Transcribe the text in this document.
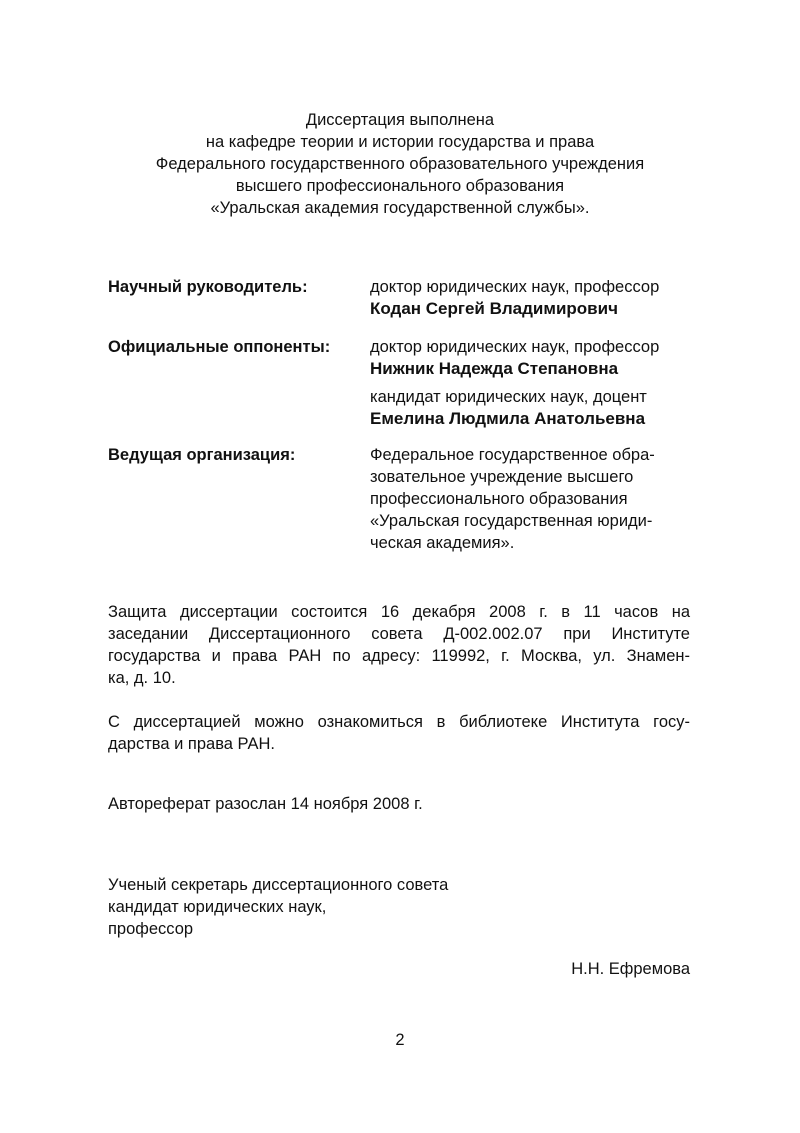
Диссертация выполнена
на кафедре теории и истории государства и права
Федерального государственного образовательного учреждения
высшего профессионального образования
«Уральская академия государственной службы».
Научный руководитель:	доктор юридических наук, профессор
Кодан Сергей Владимирович
Официальные оппоненты: доктор юридических наук, профессор
Нижник Надежда Степановна
кандидат юридических наук, доцент
Емелина Людмила Анатольевна
Ведущая организация:	Федеральное государственное обра-
зовательное учреждение высшего
профессионального образования
«Уральская государственная юриди-
ческая академия».
Защита диссертации состоится 16 декабря 2008 г. в 11 часов на
заседании Диссертационного совета Д-002.002.07 при Институте
государства и права РАН по адресу: 119992, г. Москва, ул. Знамен-
ка, д. 10.
С диссертацией можно ознакомиться в библиотеке Института госу-
дарства и права РАН.
Автореферат разослан 14 ноября 2008 г.
Ученый секретарь диссертационного совета
кандидат юридических наук,
профессор
Н.Н. Ефремова
2
